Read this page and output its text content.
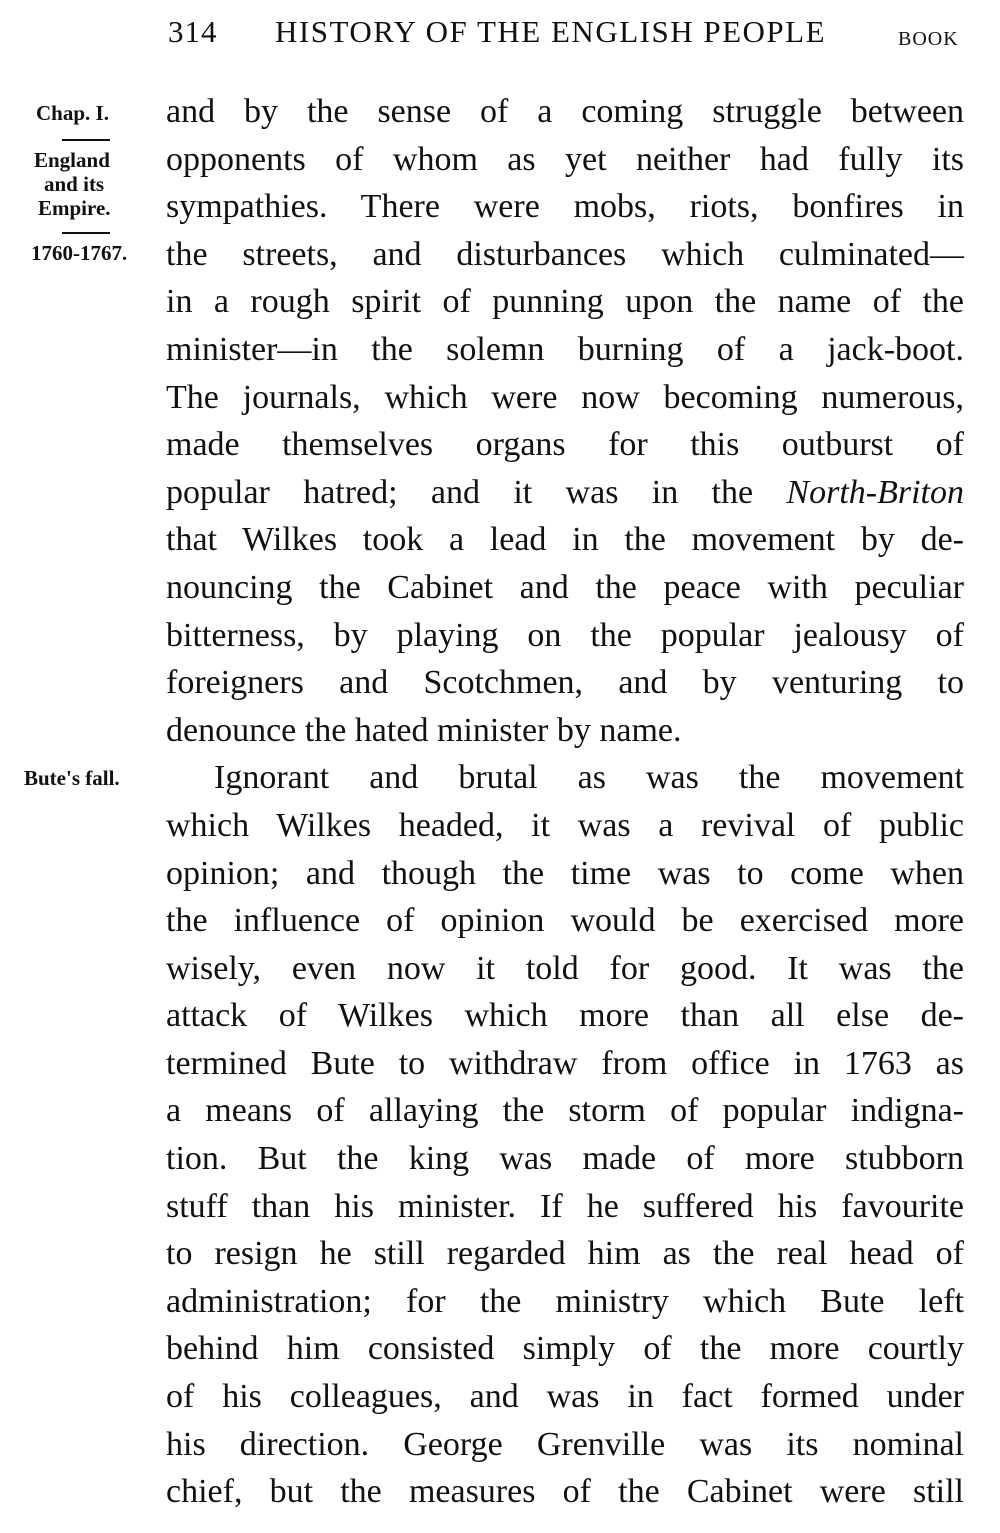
314 HISTORY OF THE ENGLISH PEOPLE	BOOK
Chap. I.
England
and its
Empire.
1760-1767.
Bute's fall.
and by the sense of a coming struggle between
opponents of whom as yet neither had fully its
sympathies. There were mobs, riots, bonfires in
the streets, and disturbances which culminated—
in a rough spirit of punning upon the name of the
minister—in the solemn burning of a jack-boot.
The journals, which were now becoming numerous,
made themselves organs for this outburst of
popular hatred; and it was in the North-Briton
that Wilkes took a lead in the movement by de-
nouncing the Cabinet and the peace with peculiar
bitterness, by playing on the popular jealousy of
foreigners and Scotchmen, and by venturing to
denounce the hated minister by name.
Ignorant and brutal as was the movement
which Wilkes headed, it was a revival of public
opinion; and though the time was to come when
the influence of opinion would be exercised more
wisely, even now it told for good. It was the
attack of Wilkes which more than all else de-
termined Bute to withdraw from office in 1763 as
a means of allaying the storm of popular indigna-
tion. But the king was made of more stubborn
stuff than his minister. If he suffered his favourite
to resign he still regarded him as the real head of
administration; for the ministry which Bute left
behind him consisted simply of the more courtly
of his colleagues, and was in fact formed under
his direction. George Grenville was its nominal
chief, but the measures of the Cabinet were still
